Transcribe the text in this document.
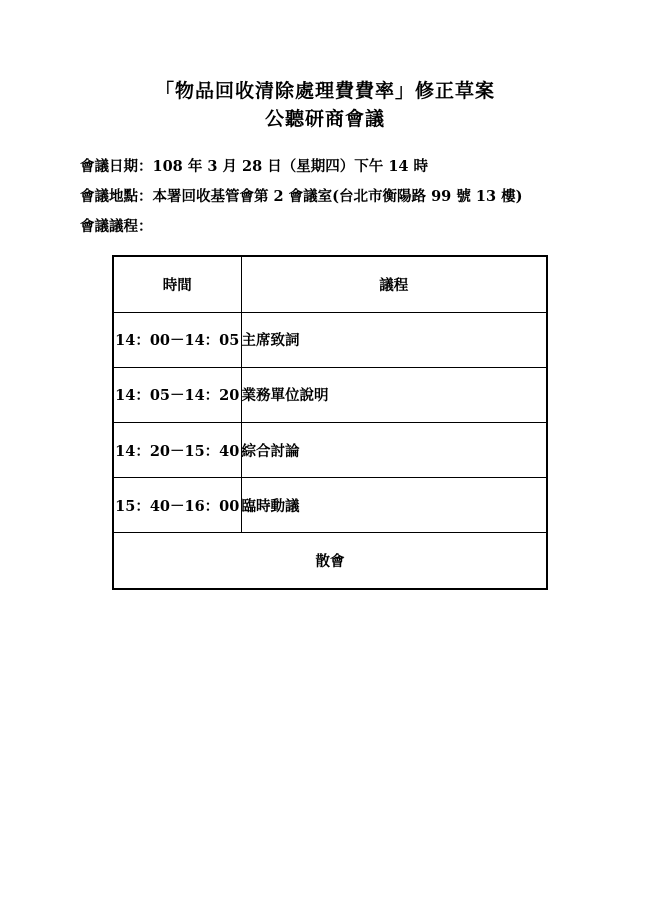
「物品回收清除處理費費率」修正草案
公聽研商會議
會議日期：108 年 3 月 28 日（星期四）下午 14 時
會議地點：本署回收基管會第 2 會議室(台北市衡陽路 99 號 13 樓)
會議議程：
時間	議程
14：00－14：05	主席致詞
14：05－14：20	業務單位說明
14：20－15：40	綜合討論
15：40－16：00	臨時動議
散會	
